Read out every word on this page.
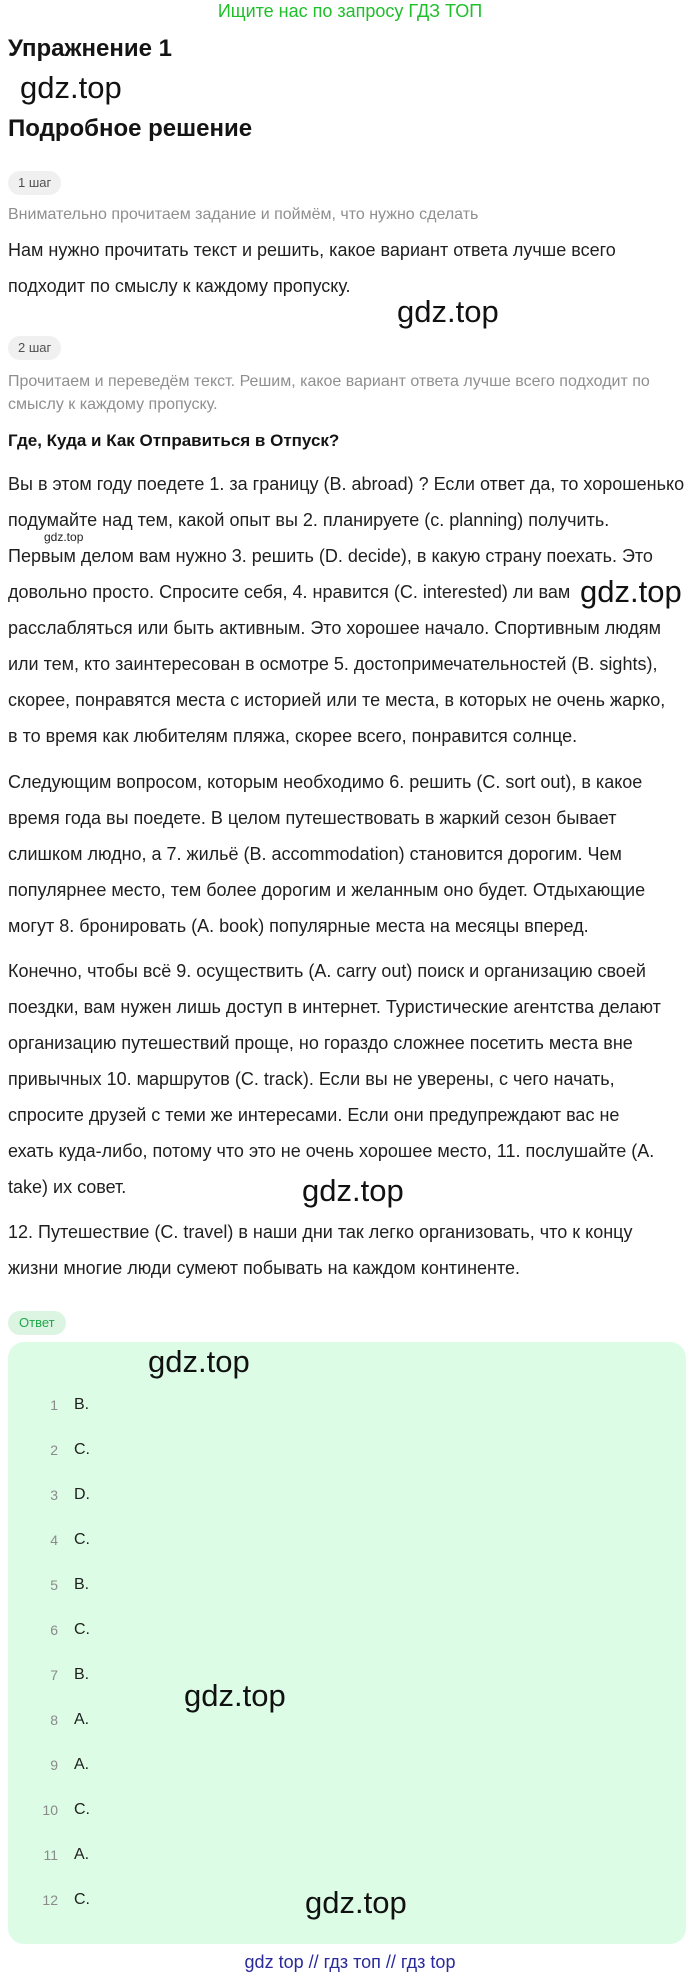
Ищите нас по запросу ГДЗ ТОП
Упражнение 1
gdz.top
Подробное решение
1 шаг
Внимательно прочитаем задание и поймём, что нужно сделать
Нам нужно прочитать текст и решить, какое вариант ответа лучше всего
подходит по смыслу к каждому пропуску.
gdz.top
2 шаг
Прочитаем и переведём текст. Решим, какое вариант ответа лучше всего подходит по
смыслу к каждому пропуску.
Где, Куда и Как Отправиться в Отпуск?
Вы в этом году поедете 1. за границу (B. abroad) ? Если ответ да, то хорошенько
подумайте над тем, какой опыт вы 2. планируете (c. planning) получить.
gdz.top
Первым делом вам нужно 3. решить (D. decide), в какую страну поехать. Это
довольно просто. Спросите себя, 4. нравится (C. interested) ли вам gdz.top
расслабляться или быть активным. Это хорошее начало. Спортивным людям
или тем, кто заинтересован в осмотре 5. достопримечательностей (B. sights),
скорее, понравятся места с историей или те места, в которых не очень жарко,
в то время как любителям пляжа, скорее всего, понравится солнце.
Следующим вопросом, которым необходимо 6. решить (C. sort out), в какое
время года вы поедете. В целом путешествовать в жаркий сезон бывает
слишком людно, а 7. жильё (B. accommodation) становится дорогим. Чем
популярнее место, тем более дорогим и желанным оно будет. Отдыхающие
могут 8. бронировать (A. book) популярные места на месяцы вперед.
Конечно, чтобы всё 9. осуществить (A. carry out) поиск и организацию своей
поездки, вам нужен лишь доступ в интернет. Туристические агентства делают
организацию путешествий проще, но гораздо сложнее посетить места вне
привычных 10. маршрутов (C. track). Если вы не уверены, с чего начать,
спросите друзей с теми же интересами. Если они предупреждают вас не
ехать куда-либо, потому что это не очень хорошее место, 11. послушайте (A.
take) их совет.	gdz.top
12. Путешествие (C. travel) в наши дни так легко организовать, что к концу
жизни многие люди сумеют побывать на каждом континенте.
Ответ
gdz.top
1 B.
2 C.
3 D.
4 C.
5 B.
6 C.
7 B.
gdz.top
8 A.
9 A.
10 C.
11 A.
12 C.	gdz.top
gdz top // гдз топ // гдз top
